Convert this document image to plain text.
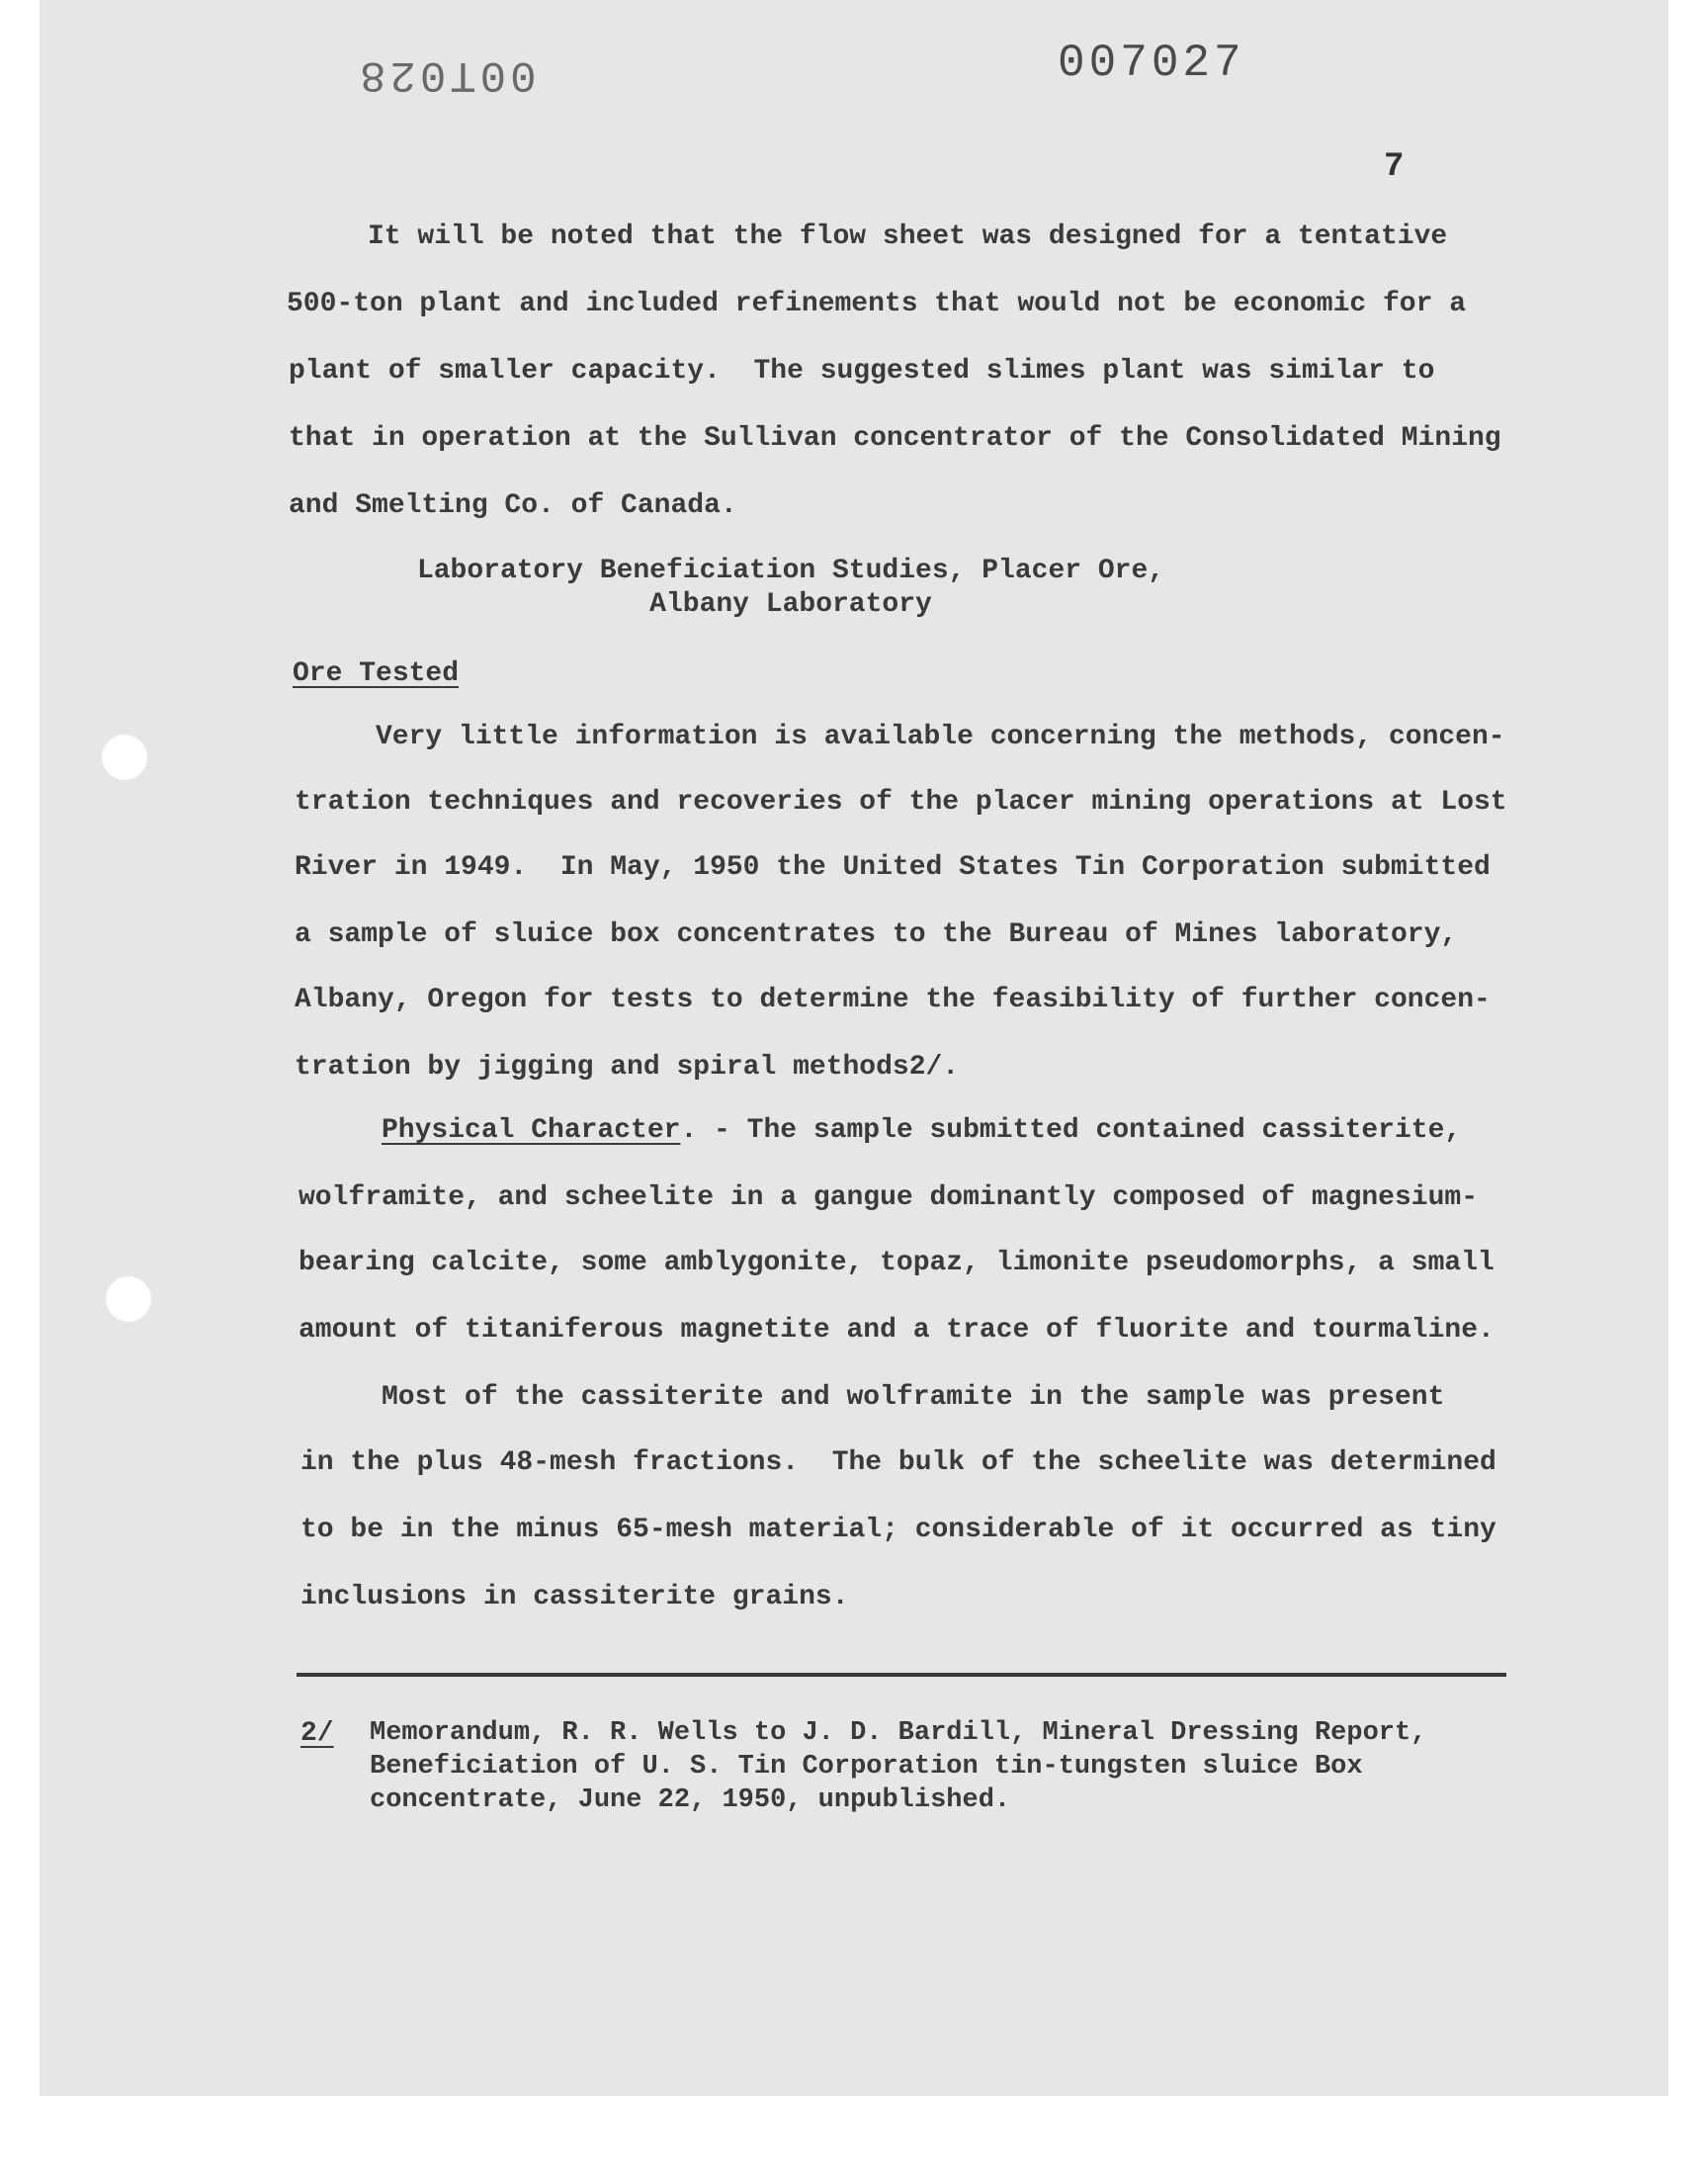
00T028	007027
7
It will be noted that the flow sheet was designed for a tentative
500-ton plant and included refinements that would not be economic for a
plant of smaller capacity.  The suggested slimes plant was similar to
that in operation at the Sullivan concentrator of the Consolidated Mining
and Smelting Co. of Canada.
Laboratory Beneficiation Studies, Placer Ore,
Albany Laboratory
Ore Tested
Very little information is available concerning the methods, concen-
tration techniques and recoveries of the placer mining operations at Lost
River in 1949.  In May, 1950 the United States Tin Corporation submitted
a sample of sluice box concentrates to the Bureau of Mines laboratory,
Albany, Oregon for tests to determine the feasibility of further concen-
tration by jigging and spiral methods2/.
Physical Character. - The sample submitted contained cassiterite,
wolframite, and scheelite in a gangue dominantly composed of magnesium-
bearing calcite, some amblygonite, topaz, limonite pseudomorphs, a small
amount of titaniferous magnetite and a trace of fluorite and tourmaline.
Most of the cassiterite and wolframite in the sample was present
in the plus 48-mesh fractions.  The bulk of the scheelite was determined
to be in the minus 65-mesh material; considerable of it occurred as tiny
inclusions in cassiterite grains.
2/ Memorandum, R. R. Wells to J. D. Bardill, Mineral Dressing Report,
Beneficiation of U. S. Tin Corporation tin-tungsten sluice Box
concentrate, June 22, 1950, unpublished.
